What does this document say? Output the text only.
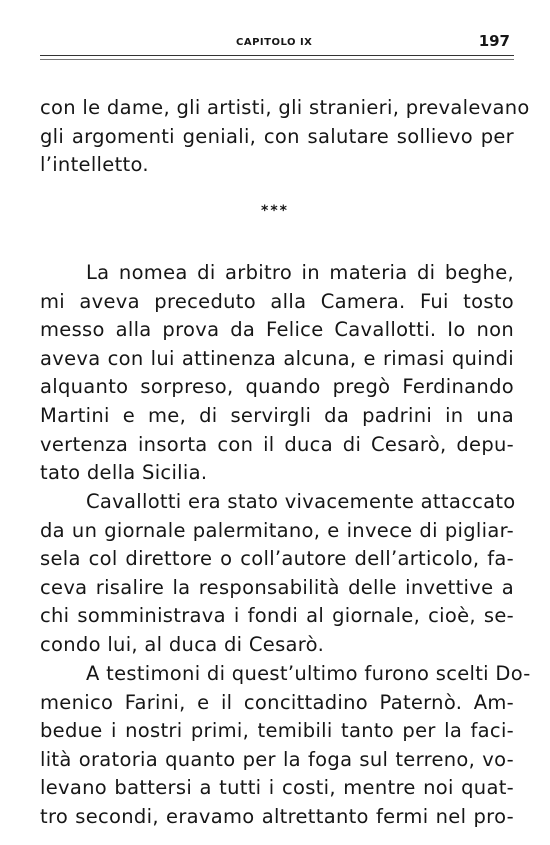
CAPITOLO IX	197

con le dame, gli artisti, gli stranieri, prevalevano
gli argomenti geniali, con salutare sollievo per
l’intelletto.

***

La nomea di arbitro in materia di beghe,
mi aveva preceduto alla Camera. Fui tosto
messo alla prova da Felice Cavallotti. Io non
aveva con lui attinenza alcuna, e rimasi quindi
alquanto sorpreso, quando pregò Ferdinando
Martini e me, di servirgli da padrini in una
vertenza insorta con il duca di Cesarò, depu-
tato della Sicilia.

Cavallotti era stato vivacemente attaccato
da un giornale palermitano, e invece di pigliar-
sela col direttore o coll’autore dell’articolo, fa-
ceva risalire la responsabilità delle invettive a
chi somministrava i fondi al giornale, cioè, se-
condo lui, al duca di Cesarò.

A testimoni di quest’ultimo furono scelti Do-
menico Farini, e il concittadino Paternò. Am-
bedue i nostri primi, temibili tanto per la faci-
lità oratoria quanto per la foga sul terreno, vo-
levano battersi a tutti i costi, mentre noi quat-
tro secondi, eravamo altrettanto fermi nel pro-
